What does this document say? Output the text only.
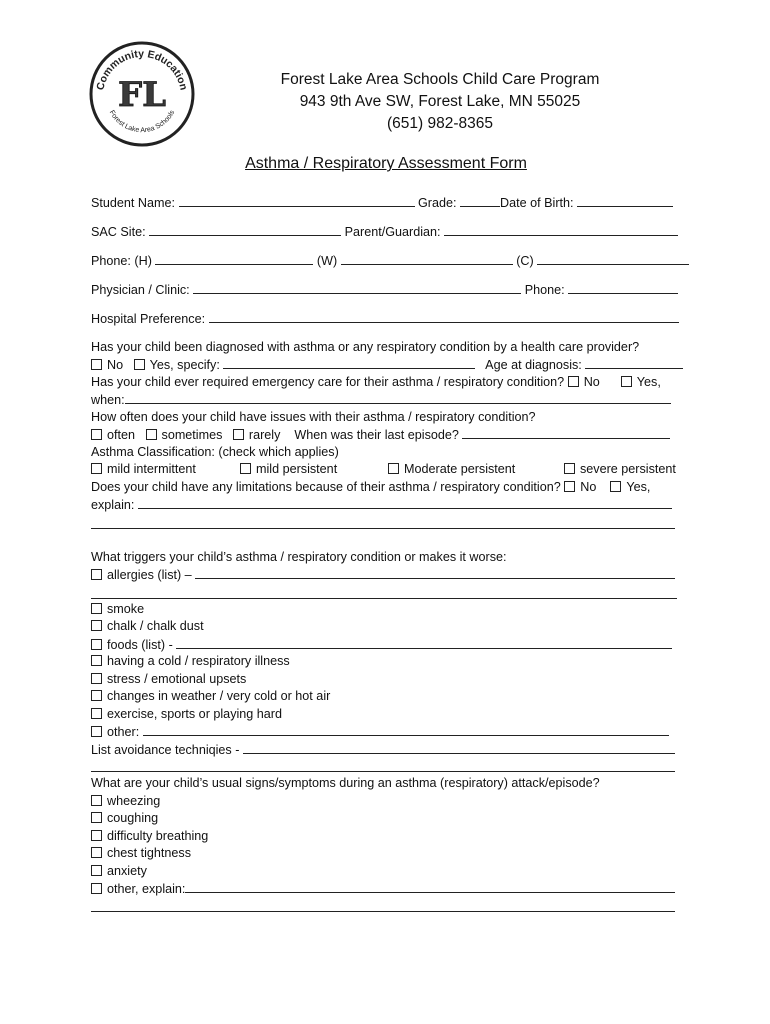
Community Education
Forest Lake Area Schools
FL	Forest Lake Area Schools Child Care Program
943 9th Ave SW, Forest Lake, MN 55025
(651) 982-8365
Asthma / Respiratory Assessment Form
Student Name:	Grade:	Date of Birth:
SAC Site:	Parent/Guardian:
Phone: (H)	(W)	(C)
Physician / Clinic:	Phone:
Hospital Preference:
Has your child been diagnosed with asthma or any respiratory condition by a health care provider?
No Yes, specify:	Age at diagnosis:
Has your child ever required emergency care for their asthma / respiratory condition? No	Yes,
when:
How often does your child have issues with their asthma / respiratory condition?
often sometimes rarely When was their last episode?
Asthma Classification: (check which applies)
mild intermittent	mild persistent	Moderate persistent	severe persistent
Does your child have any limitations because of their asthma / respiratory condition? No Yes,
explain:
What triggers your child’s asthma / respiratory condition or makes it worse:
allergies (list) –
smoke
chalk / chalk dust
foods (list) -
having a cold / respiratory illness
stress / emotional upsets
changes in weather / very cold or hot air
exercise, sports or playing hard
other:
List avoidance techniqies -
What are your child’s usual signs/symptoms during an asthma (respiratory) attack/episode?
wheezing
coughing
difficulty breathing
chest tightness
anxiety
other, explain:
